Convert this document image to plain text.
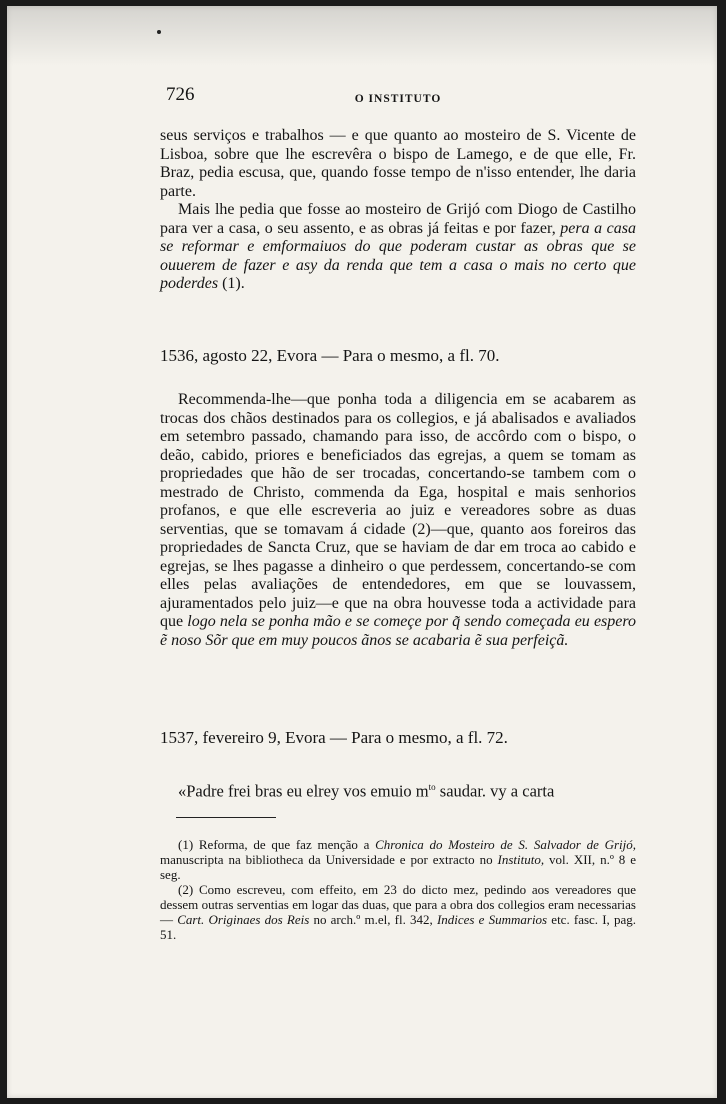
726	O INSTITUTO

seus serviços e trabalhos — e que quanto ao mosteiro de S. Vicente de Lisboa, sobre que lhe escrevêra o bispo de Lamego, e de que elle, Fr. Braz, pedia escusa, que, quando fosse tempo de n'isso entender, lhe daria parte.

Mais lhe pedia que fosse ao mosteiro de Grijó com Diogo de Castilho para ver a casa, o seu assento, e as obras já feitas e por fazer, pera a casa se reformar e emformaiuos do que poderam custar as obras que se ouuerem de fazer e asy da renda que tem a casa o mais no certo que poderdes (1).

1536, agosto 22, Evora — Para o mesmo, a fl. 70.

Recommenda-lhe—que ponha toda a diligencia em se acabarem as trocas dos chãos destinados para os collegios, e já abalisados e avaliados em setembro passado, chamando para isso, de accôrdo com o bispo, o deão, cabido, priores e beneficiados das egrejas, a quem se tomam as propriedades que hão de ser trocadas, concertando-se tambem com o mestrado de Christo, commenda da Ega, hospital e mais senhorios profanos, e que elle escreveria ao juiz e vereadores sobre as duas serventias, que se tomavam á cidade (2)—que, quanto aos foreiros das propriedades de Sancta Cruz, que se haviam de dar em troca ao cabido e egrejas, se lhes pagasse a dinheiro o que perdessem, concertando-se com elles pelas avaliações de entendedores, em que se louvassem, ajuramentados pelo juiz—e que na obra houvesse toda a actividade para que logo nela se ponha mão e se começe por q̃ sendo começada eu espero ẽ noso Sõr que em muy poucos ãnos se acabaria ẽ sua perfeiçã.

1537, fevereiro 9, Evora — Para o mesmo, a fl. 72.

«Padre frei bras eu elrey vos emuio $m^{to}$ saudar. vy a carta

(1) Reforma, de que faz menção a Chronica do Mosteiro de S. Salvador de Grijó, manuscripta na bibliotheca da Universidade e por extracto no Instituto, vol. XII, n.º 8 e seg.

(2) Como escreveu, com effeito, em 23 do dicto mez, pedindo aos vereadores que dessem outras serventias em logar das duas, que para a obra dos collegios eram necessarias — Cart. Originaes dos Reis no arch.º m.el, fl. 342, Indices e Summarios etc. fasc. I, pag. 51.
